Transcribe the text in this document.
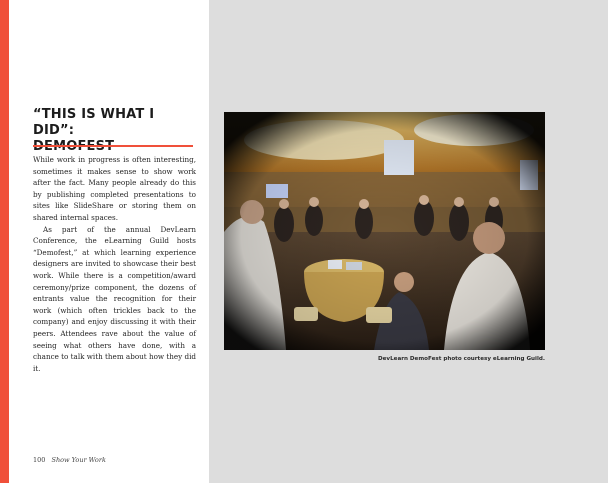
“THIS IS WHAT I DID”:

While work in progress is often interesting, sometimes it makes sense to show work after the fact. Many people already do this by publishing completed presentations to sites like SlideShare or storing them on shared internal spaces.

As part of the annual DevLearn Conference, the eLearning Guild hosts “Demofest,” at which learning experience designers are invited to showcase their best work. While there is a competition/award ceremony/prize component, the dozens of entrants value the recognition for their work (which often trickles back to the company) and enjoy discussing it with their peers. Attendees rave about the value of seeing what others have done, with a chance to talk with them about how they did it.

DevLearn DemoFest photo courtesy eLearning Guild.
100 Show Your Work
